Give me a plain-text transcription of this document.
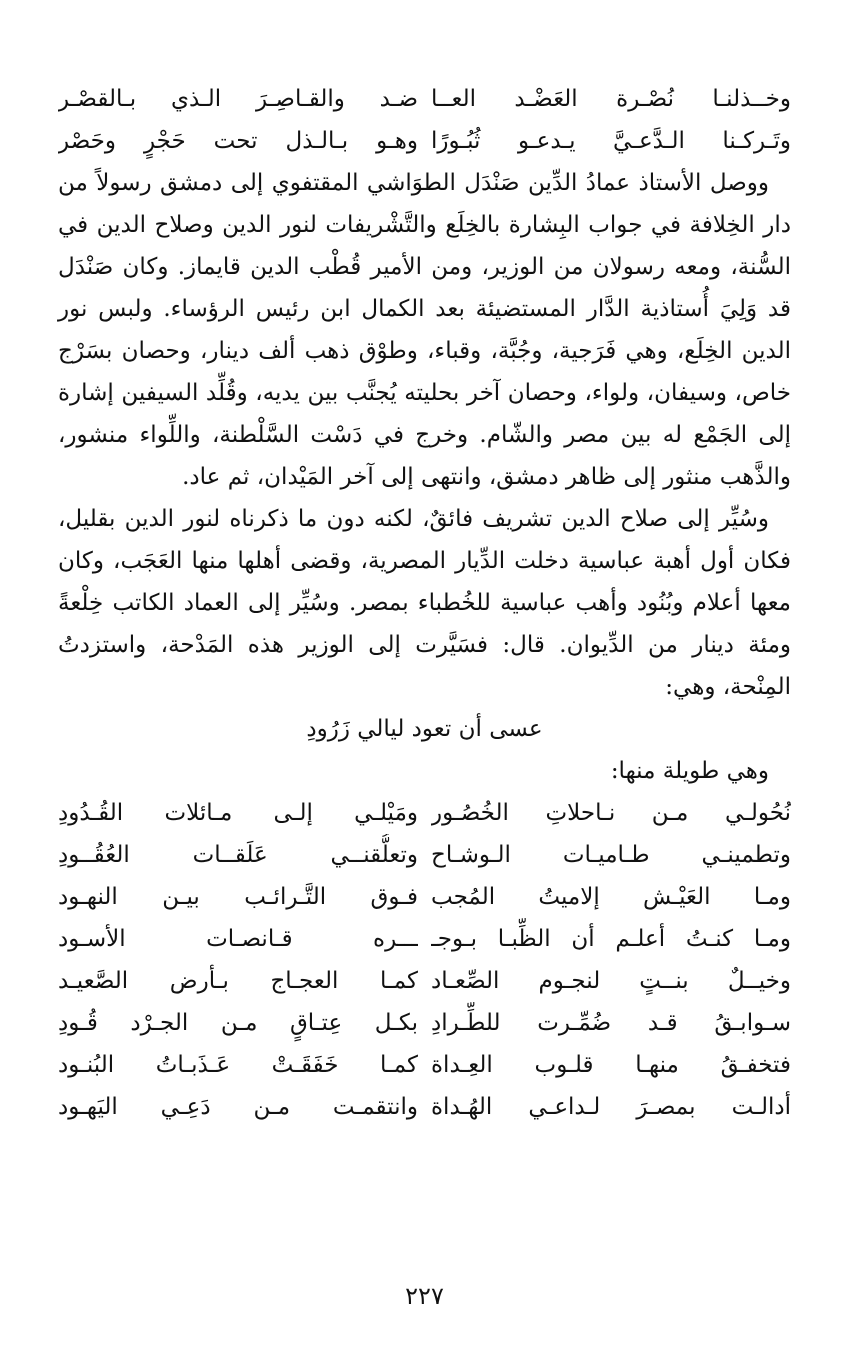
وخــذلنـا نُصْـرة العَضْـد العــا
ضـد والقـاصِـرَ الـذي بـالقصْـر
وتَـركـنا الـدَّعـيَّ يـدعـو ثُبُـورًا
وهـو بـالـذل تحت حَجْرٍ وحَصْر

ووصل الأستاذ عمادُ الدِّين صَنْدَل الطوَاشي المقتفوي إلى دمشق رسولاً من دار الخِلافة في جواب البِشارة بالخِلَع والتَّشْريفات لنور الدين وصلاح الدين في السُّنة، ومعه رسولان من الوزير، ومن الأمير قُطْب الدين قايماز. وكان صَنْدَل قد وَلِيَ أُستاذية الدَّار المستضيئة بعد الكمال ابن رئيس الرؤساء. ولبس نور الدين الخِلَع، وهي فَرَجية، وجُبَّة، وقباء، وطوْق ذهب ألف دينار، وحصان بسَرْج خاص، وسيفان، ولواء، وحصان آخر بحليته يُجنَّب بين يديه، وقُلِّد السيفين إشارة إلى الجَمْع له بين مصر والشّام. وخرج في دَسْت السَّلْطنة، واللِّواء منشور، والذَّهب منثور إلى ظاهر دمشق، وانتهى إلى آخر المَيْدان، ثم عاد.

وسُيِّر إلى صلاح الدين تشريف فائقٌ، لكنه دون ما ذكرناه لنور الدين بقليل، فكان أول أهبة عباسية دخلت الدِّيار المصرية، وقضى أهلها منها العَجَب، وكان معها أعلام وبُنُود وأهب عباسية للخُطباء بمصر. وسُيِّر إلى العماد الكاتب خِلْعةً ومئة دينار من الدِّيوان. قال: فسَيَّرت إلى الوزير هذه المَدْحة، واستزدتُ المِنْحة، وهي:

عسى أن تعود ليالي زَرُودِ

وهي طويلة منها:

نُحُولـي مـن نـاحلاتِ الخُصُـور
ومَيْلـي إلـى مـائلات القُـدُودِ
وتطمينـي طـاميـات الـوشـاح
وتعلُّقنــي عَلَقــات العُقُــودِ
ومـا العَيْـش إلاميتُ المُجب
فـوق التَّـرائـب بيـن النهـود
ومـا كنـتُ أعلـم أن الظِّبـا بـوجـ
ـــره قـانصـات الأسـود
وخيــلٌ بنــتٍ لنجـوم الصِّعـاد
كمـا العجـاج بـأرض الصَّعيـد
سـوابـقُ قـد ضُمِّـرت للطِّـرادِ
بكـل عِتـاقٍ مـن الجـرْد قُـودِ
فتخفـقُ منهـا قلـوب العِـداة
كمـا خَفَقَـتْ عَـذَبـاتُ البُنـود
أدالـت بمصـرَ لـداعـي الهُـداة
وانتقمـت مـن دَعِـي اليَهـود
٢٢٧
